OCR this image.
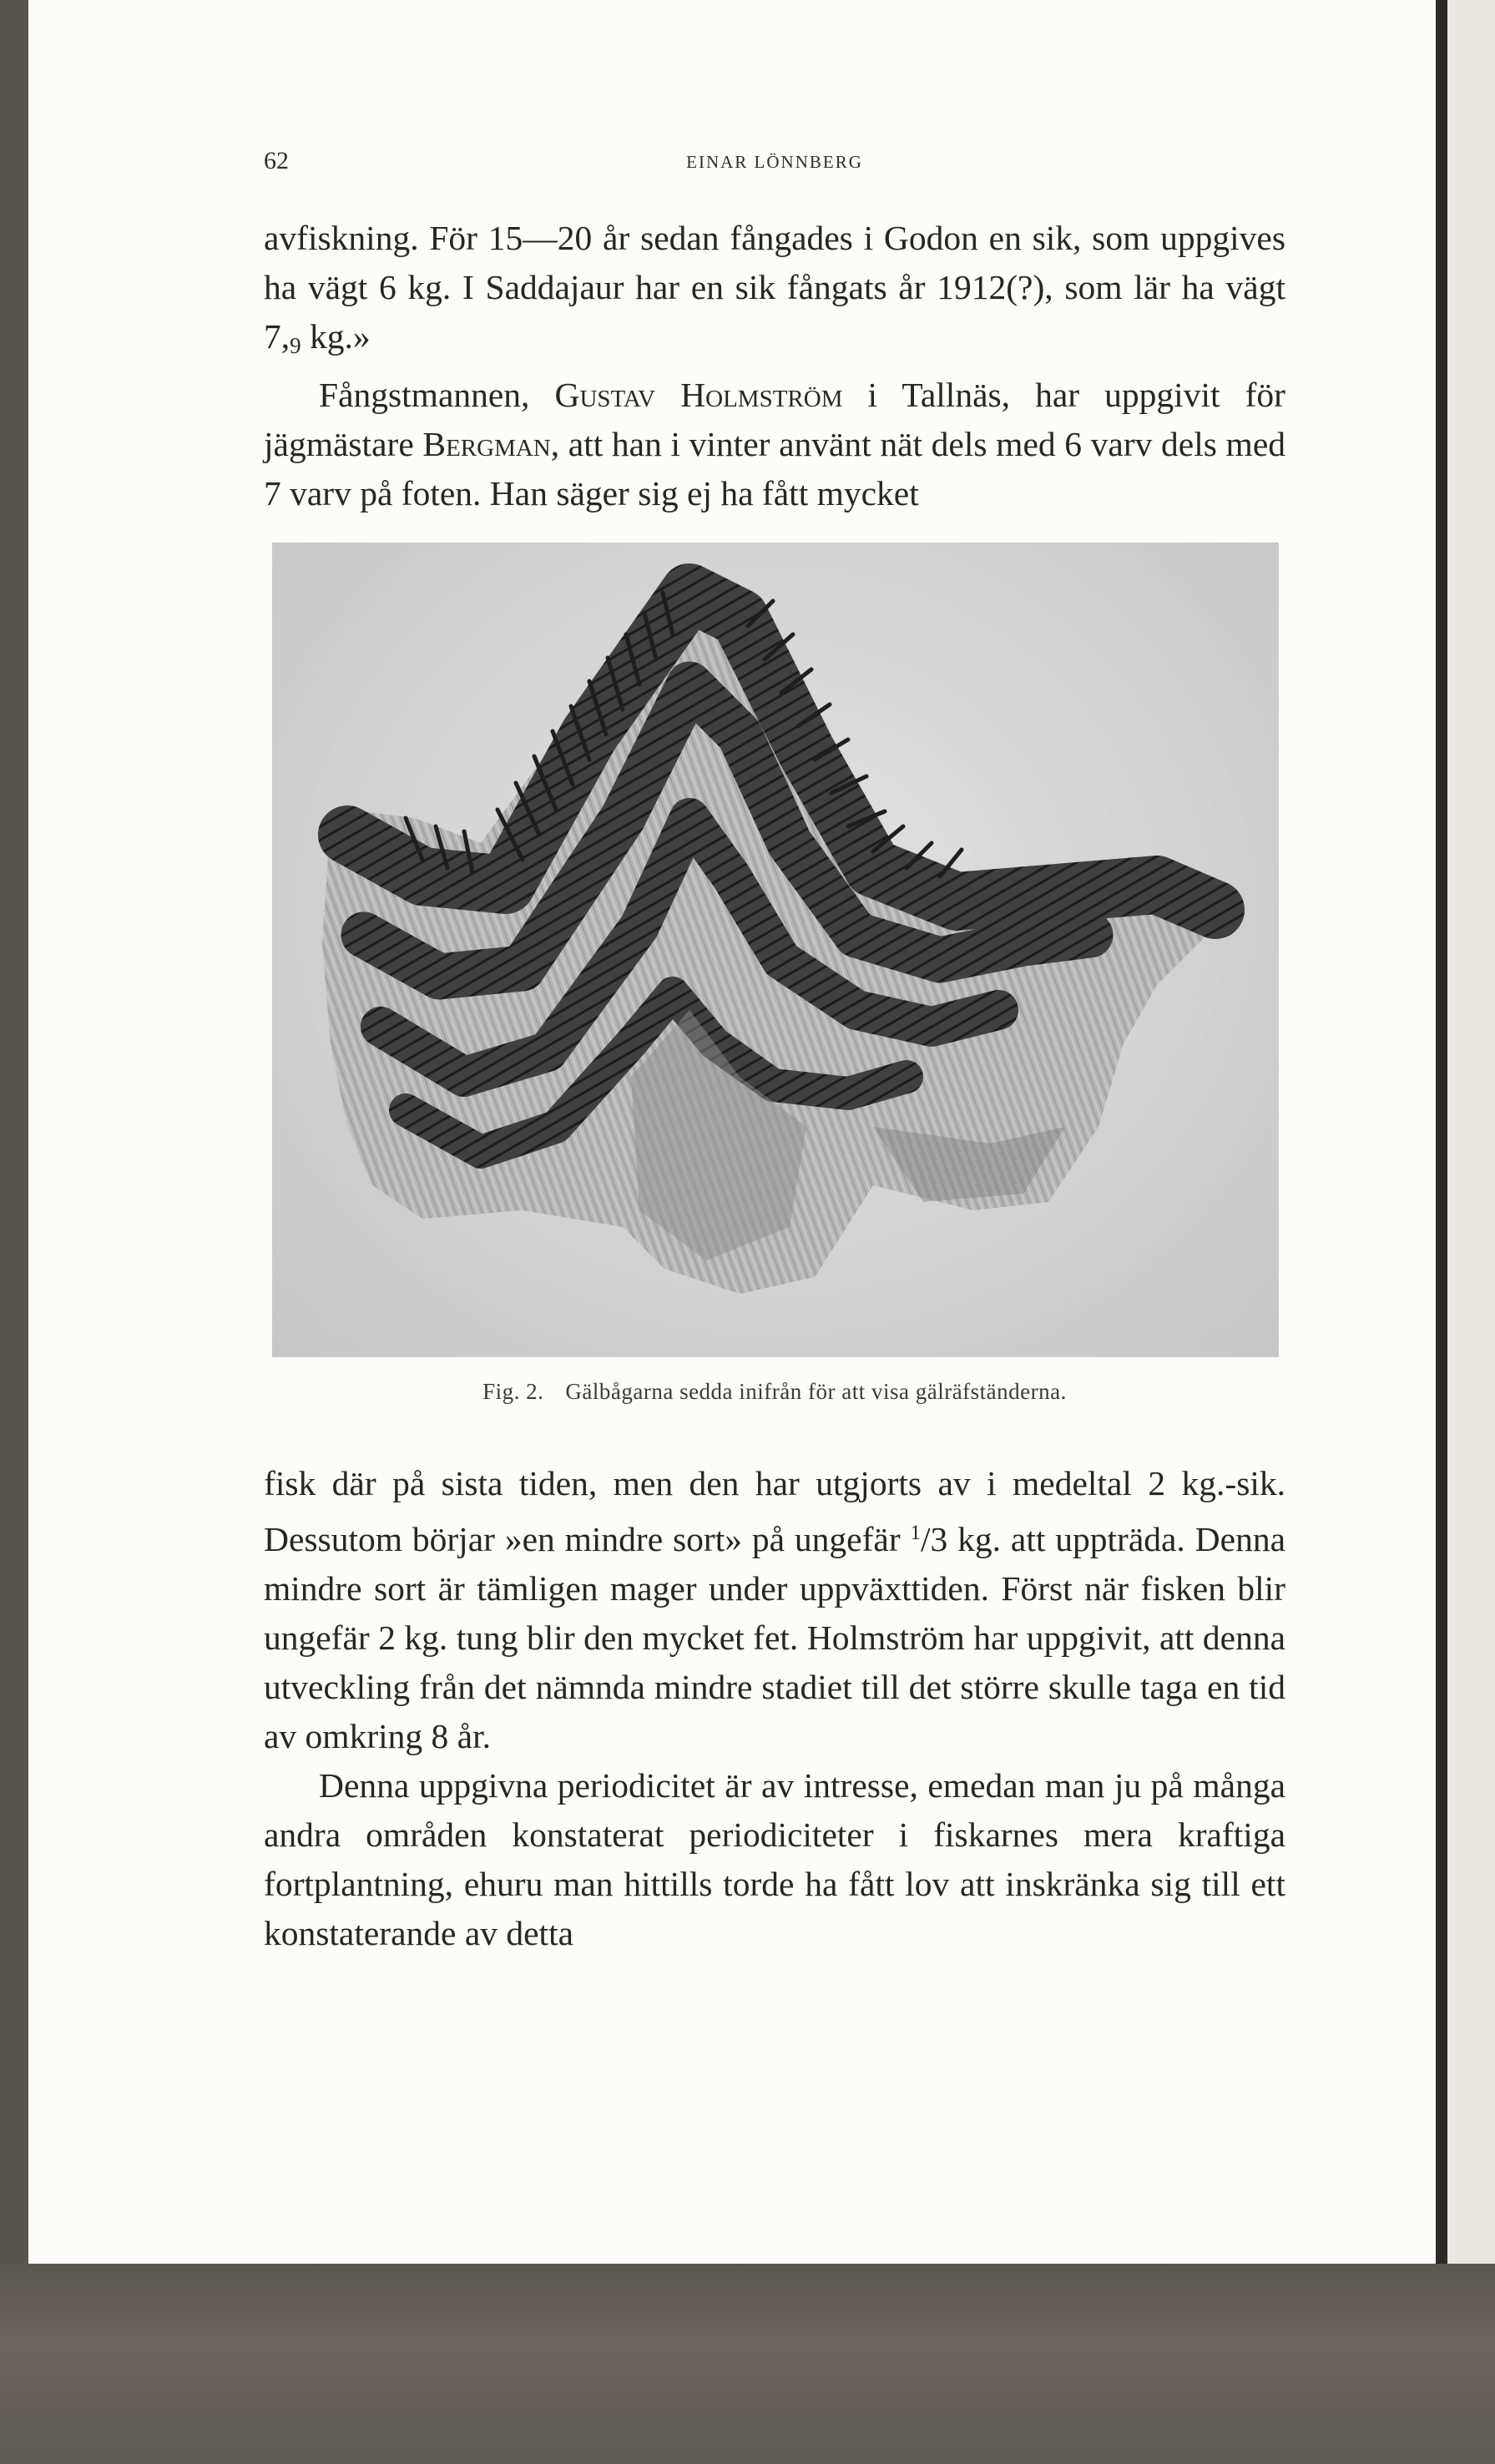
62	EINAR LÖNNBERG

avfiskning. För 15—20 år sedan fångades i Godon en sik, som uppgives ha vägt 6 kg. I Saddajaur har en sik fångats år 1912(?), som lär ha vägt $7,_9$ kg.»

Fångstmannen, Gustav Holmström i Tallnäs, har uppgivit för jägmästare Bergman, att han i vinter använt nät dels med 6 varv dels med 7 varv på foten. Han säger sig ej ha fått mycket

Fig. 2. Gälbågarna sedda inifrån för att visa gälräfständerna.

fisk där på sista tiden, men den har utgjorts av i medeltal 2 kg.-sik. Dessutom börjar »en mindre sort» på ungefär $^1$/3 kg. att uppträda. Denna mindre sort är tämligen mager under uppväxttiden. Först när fisken blir ungefär 2 kg. tung blir den mycket fet. Holmström har uppgivit, att denna utveckling från det nämnda mindre stadiet till det större skulle taga en tid av omkring 8 år.

Denna uppgivna periodicitet är av intresse, emedan man ju på många andra områden konstaterat periodiciteter i fiskarnes mera kraftiga fortplantning, ehuru man hittills torde ha fått lov att inskränka sig till ett konstaterande av detta
